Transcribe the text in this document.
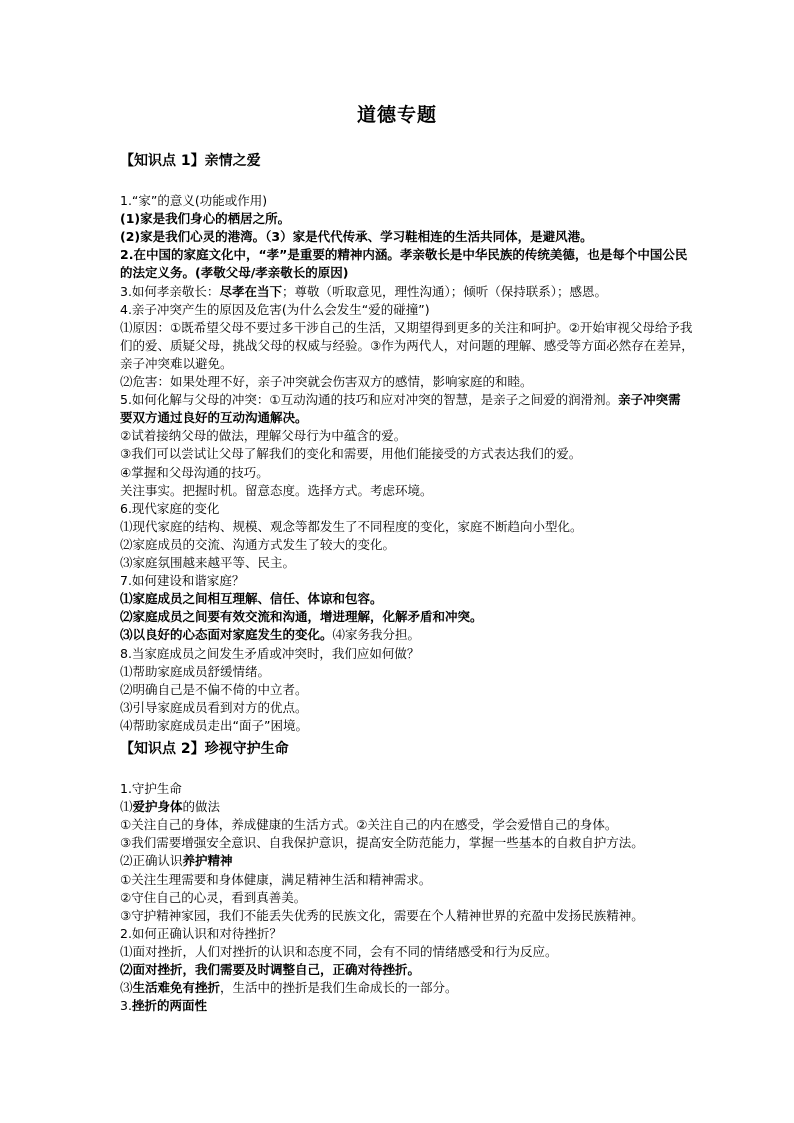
道德专题
【知识点 1】亲情之爱
1.“家”的意义(功能或作用)
(1)家是我们身心的栖居之所。
(2)家是我们心灵的港湾。（3）家是代代传承、学习鞋相连的生活共同体，是避风港。
2.在中国的家庭文化中，“孝”是重要的精神内涵。孝亲敬长是中华民族的传统美德，也是每个中国公民
的法定义务。(孝敬父母/孝亲敬长的原因)
3.如何孝亲敬长：尽孝在当下；尊敬（听取意见，理性沟通）；倾听（保持联系）；感恩。
4.亲子冲突产生的原因及危害(为什么会发生“爱的碰撞”)
⑴原因：①既希望父母不要过多干涉自己的生活，又期望得到更多的关注和呵护。②开始审视父母给予我
们的爱、质疑父母，挑战父母的权威与经验。③作为两代人，对问题的理解、感受等方面必然存在差异，
亲子冲突难以避免。
⑵危害：如果处理不好，亲子冲突就会伤害双方的感情，影响家庭的和睦。
5.如何化解与父母的冲突：①互动沟通的技巧和应对冲突的智慧，是亲子之间爱的润滑剂。亲子冲突需
要双方通过良好的互动沟通解决。
②试着接纳父母的做法，理解父母行为中蕴含的爱。
③我们可以尝试让父母了解我们的变化和需要，用他们能接受的方式表达我们的爱。
④掌握和父母沟通的技巧。
关注事实。把握时机。留意态度。选择方式。考虑环境。
6.现代家庭的变化
⑴现代家庭的结构、规模、观念等都发生了不同程度的变化，家庭不断趋向小型化。
⑵家庭成员的交流、沟通方式发生了较大的变化。
⑶家庭氛围越来越平等、民主。
7.如何建设和谐家庭？
⑴家庭成员之间相互理解、信任、体谅和包容。
⑵家庭成员之间要有效交流和沟通，增进理解，化解矛盾和冲突。
⑶以良好的心态面对家庭发生的变化。⑷家务我分担。
8.当家庭成员之间发生矛盾或冲突时，我们应如何做？
⑴帮助家庭成员舒缓情绪。
⑵明确自己是不偏不倚的中立者。
⑶引导家庭成员看到对方的优点。
⑷帮助家庭成员走出“面子”困境。
【知识点 2】珍视守护生命
1.守护生命
⑴爱护身体的做法
①关注自己的身体，养成健康的生活方式。②关注自己的内在感受，学会爱惜自己的身体。
③我们需要增强安全意识、自我保护意识，提高安全防范能力，掌握一些基本的自救自护方法。
⑵正确认识养护精神
①关注生理需要和身体健康，满足精神生活和精神需求。
②守住自己的心灵，看到真善美。
③守护精神家园，我们不能丢失优秀的民族文化，需要在个人精神世界的充盈中发扬民族精神。
2.如何正确认识和对待挫折？
⑴面对挫折，人们对挫折的认识和态度不同，会有不同的情绪感受和行为反应。
⑵面对挫折，我们需要及时调整自己，正确对待挫折。
⑶生活难免有挫折，生活中的挫折是我们生命成长的一部分。
3.挫折的两面性
